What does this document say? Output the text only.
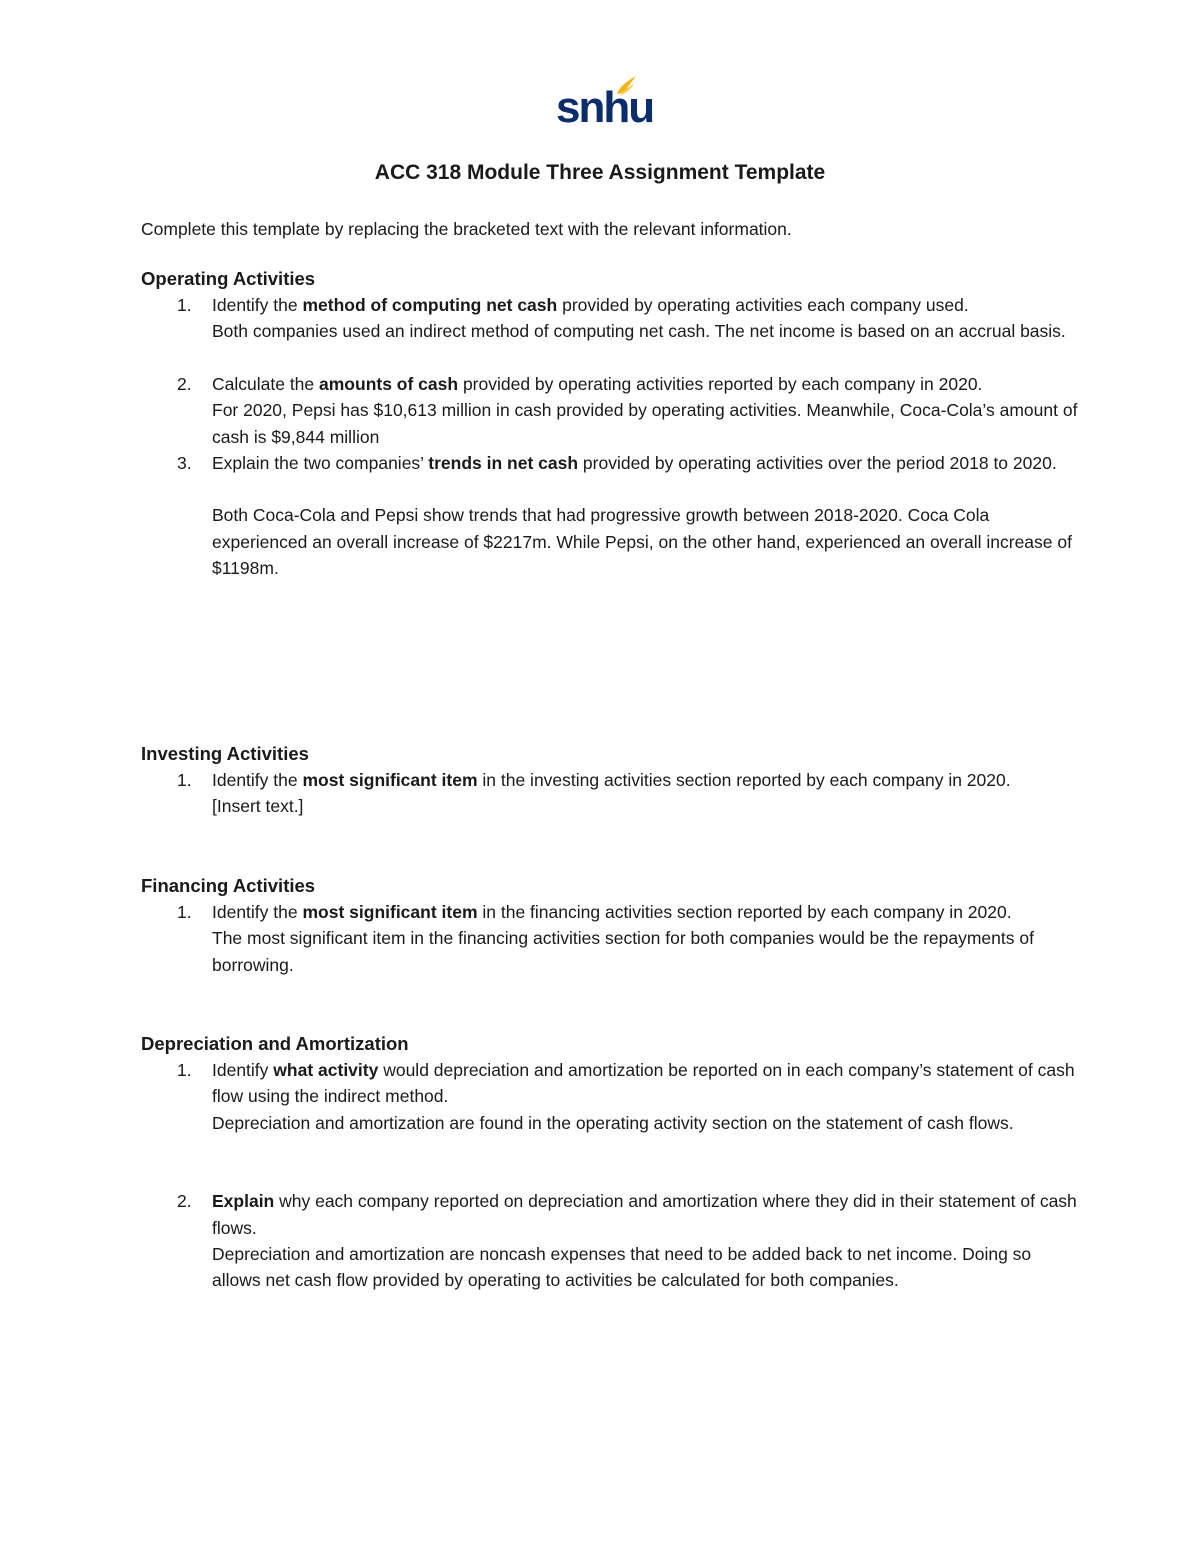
snhu
ACC 318 Module Three Assignment Template

Complete this template by replacing the bracketed text with the relevant information.

Operating Activities

1. Identify the method of computing net cash provided by operating activities each company used.

Both companies used an indirect method of computing net cash. The net income is based on an accrual basis.

2. Calculate the amounts of cash provided by operating activities reported by each company in 2020.

For 2020, Pepsi has $10,613 million in cash provided by operating activities. Meanwhile, Coca-Cola’s amount of cash is $9,844 million

3. Explain the two companies’ trends in net cash provided by operating activities over the period 2018 to 2020.

Both Coca-Cola and Pepsi show trends that had progressive growth between 2018-2020. Coca Cola experienced an overall increase of $2217m. While Pepsi, on the other hand, experienced an overall increase of $1198m.

Investing Activities

1. Identify the most significant item in the investing activities section reported by each company in 2020.

[Insert text.]

Financing Activities

1. Identify the most significant item in the financing activities section reported by each company in 2020.

The most significant item in the financing activities section for both companies would be the repayments of borrowing.

Depreciation and Amortization

1. Identify what activity would depreciation and amortization be reported on in each company’s statement of cash flow using the indirect method.

Depreciation and amortization are found in the operating activity section on the statement of cash flows.

2. Explain why each company reported on depreciation and amortization where they did in their statement of cash flows.

Depreciation and amortization are noncash expenses that need to be added back to net income. Doing so allows net cash flow provided by operating to activities be calculated for both companies.
